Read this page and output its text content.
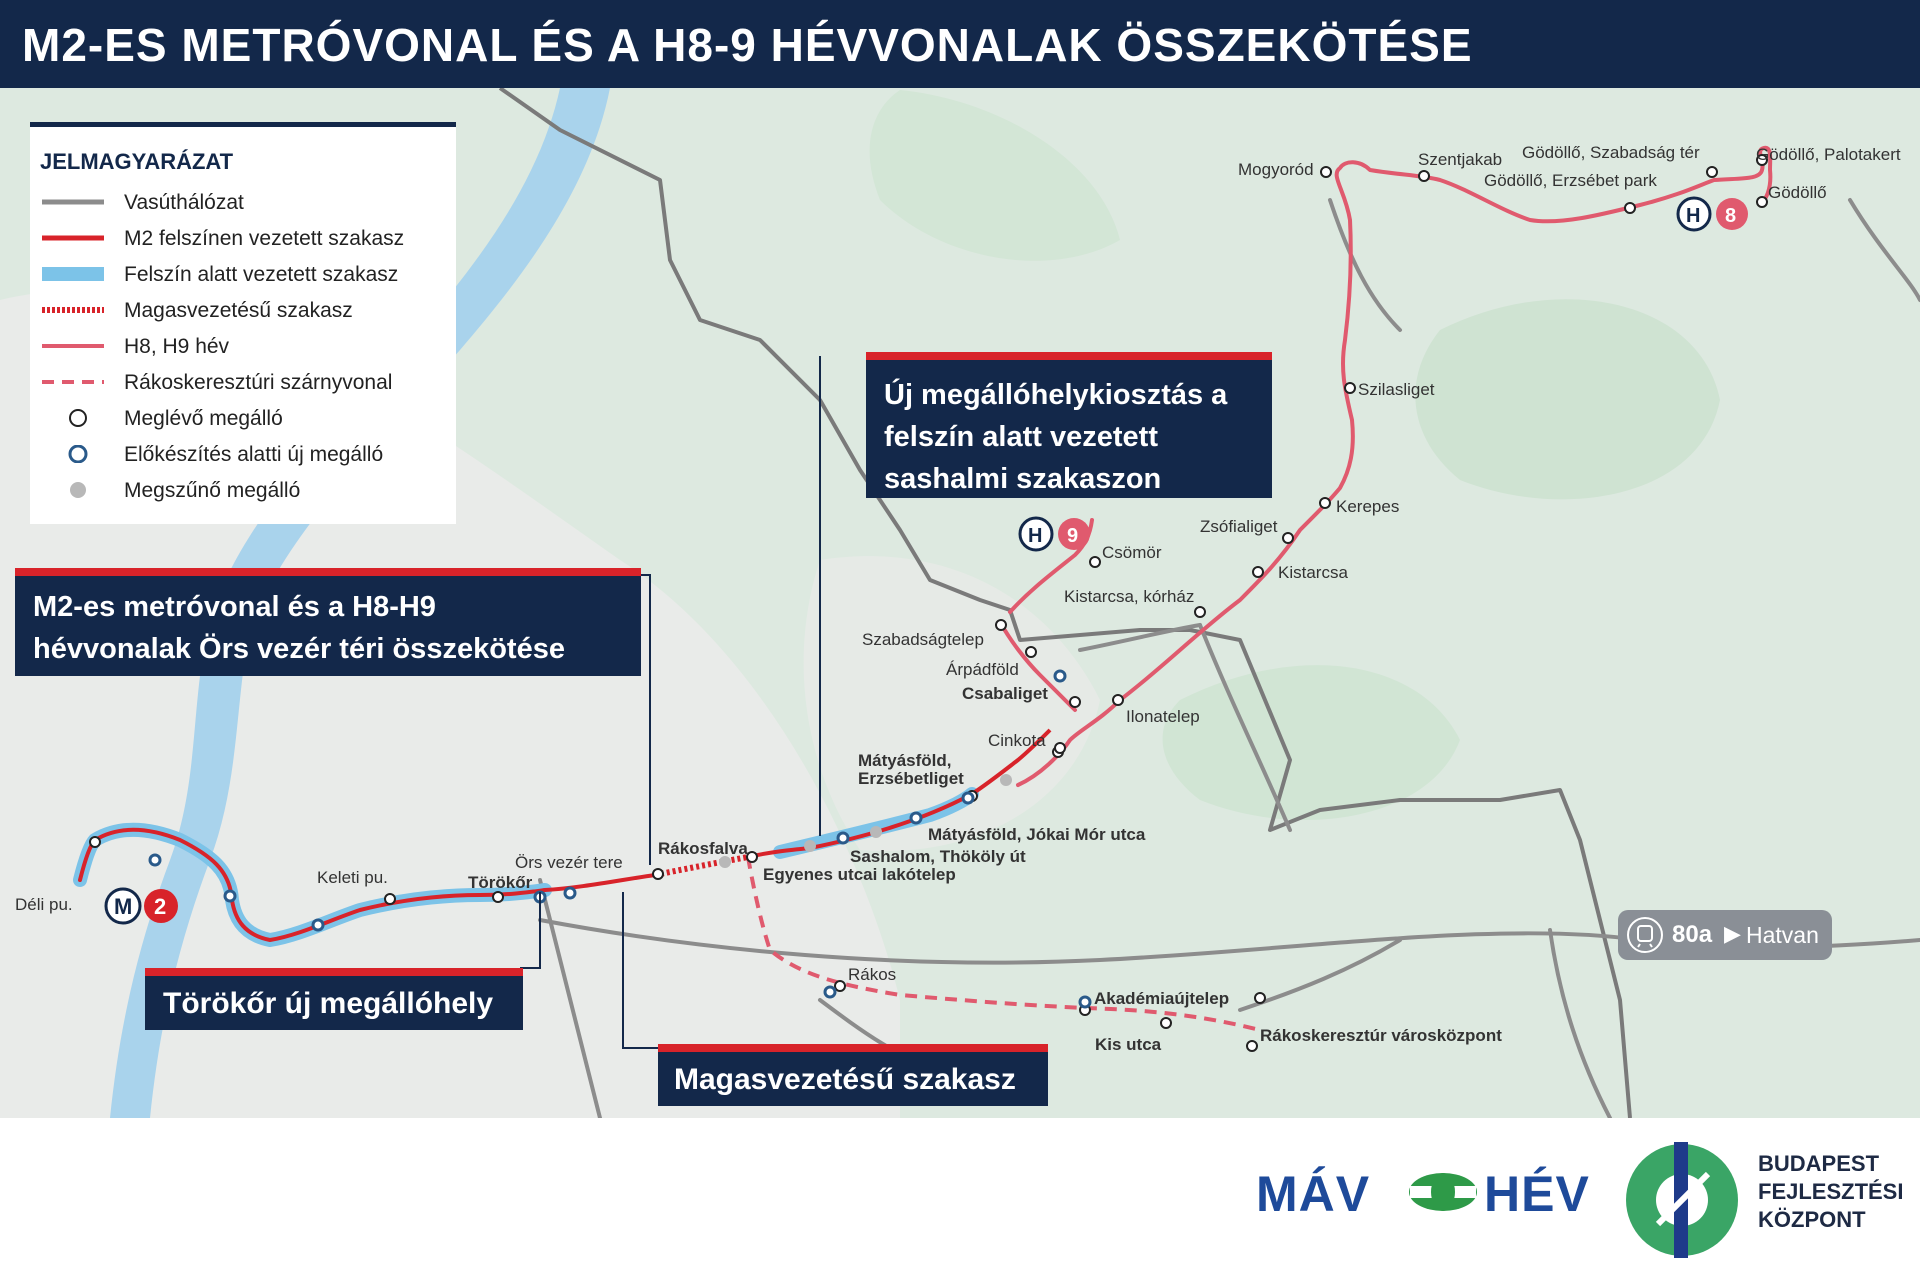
M2-ES METRÓVONAL ÉS A H8-9 HÉVVONALAK ÖSSZEKÖTÉSE
Déli pu.
Keleti pu.	Törökőr
Örs vezér tere
Rákosfalva
Egyenes utcai lakótelep
Sashalom, Thököly út
Mátyásföld, Jókai Mór utca
Mátyásföld,
Erzsébetliget
Cinkota
Ilonatelep
Csabaliget
Árpádföld
Szabadságtelep
Kistarcsa, kórház
Csömör
Kistarcsa
Zsófialiget
Kerepes
Szilasliget
Mogyoród
Szentjakab Gödöllő, Szabadság tér
Gödöllő, Erzsébet park
Gödöllő, Palotakert
Gödöllő
Rákos
Akadémiaújtelep
Kis utca	Rákoskeresztúr városközpont
M 2
H 9
H 8
JELMAGYARÁZAT
Vasúthálózat
M2 felszínen vezetett szakasz
Felszín alatt vezetett szakasz
Magasvezetésű szakasz
H8, H9 hév
Rákoskeresztúri szárnyvonal
Meglévő megálló
Előkészítés alatti új megálló
Megszűnő megálló
Új megállóhelykiosztás a
felszín alatt vezetett
sashalmi szakaszon
M2-es metróvonal és a H8-H9
hévvonalak Örs vezér téri összekötése
Törökőr új megállóhely
Magasvezetésű szakasz
80a ▶ Hatvan
MÁV HÉV
BUDAPEST
FEJLESZTÉSI
KÖZPONT
